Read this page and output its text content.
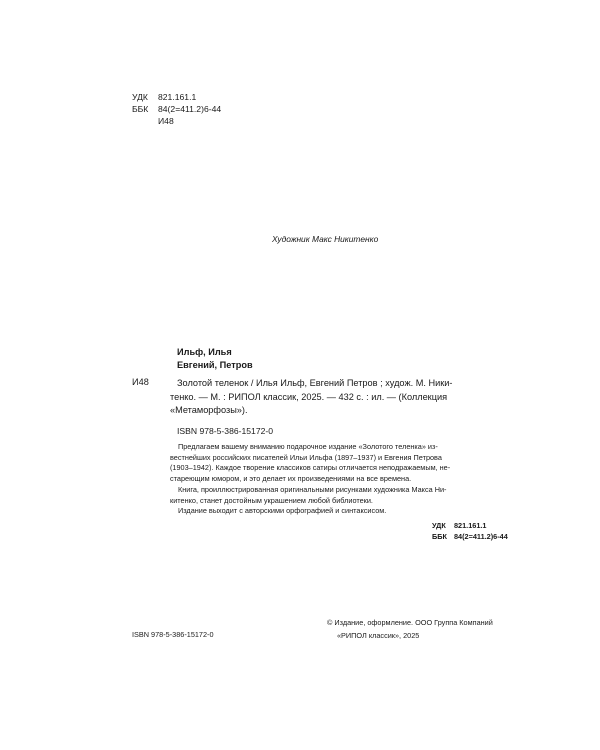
УДК	821.161.1
ББК	84(2=411.2)6-44
И48
Художник Макс Никитенко
Ильф, Илья
Евгений, Петров
И48	Золотой теленок / Илья Ильф, Евгений Петров ; худож. М. Ники-
тенко. — М. : РИПОЛ классик, 2025. — 432 с. : ил. — (Коллекция
«Метаморфозы»).
ISBN 978-5-386-15172-0
Предлагаем вашему вниманию подарочное издание «Золотого теленка» из-
вестнейших российских писателей Ильи Ильфа (1897–1937) и Евгения Петрова
(1903–1942). Каждое творение классиков сатиры отличается неподражаемым, не-
стареющим юмором, и это делает их произведениями на все времена.
Книга, проиллюстрированная оригинальными рисунками художника Макса Ни-
китенко, станет достойным украшением любой библиотеки.
Издание выходит с авторскими орфографией и синтаксисом.
УДК	821.161.1
ББК 84(2=411.2)6-44
ISBN 978-5-386-15172-0
© Издание, оформление. ООО Группа Компаний
«РИПОЛ классик», 2025
